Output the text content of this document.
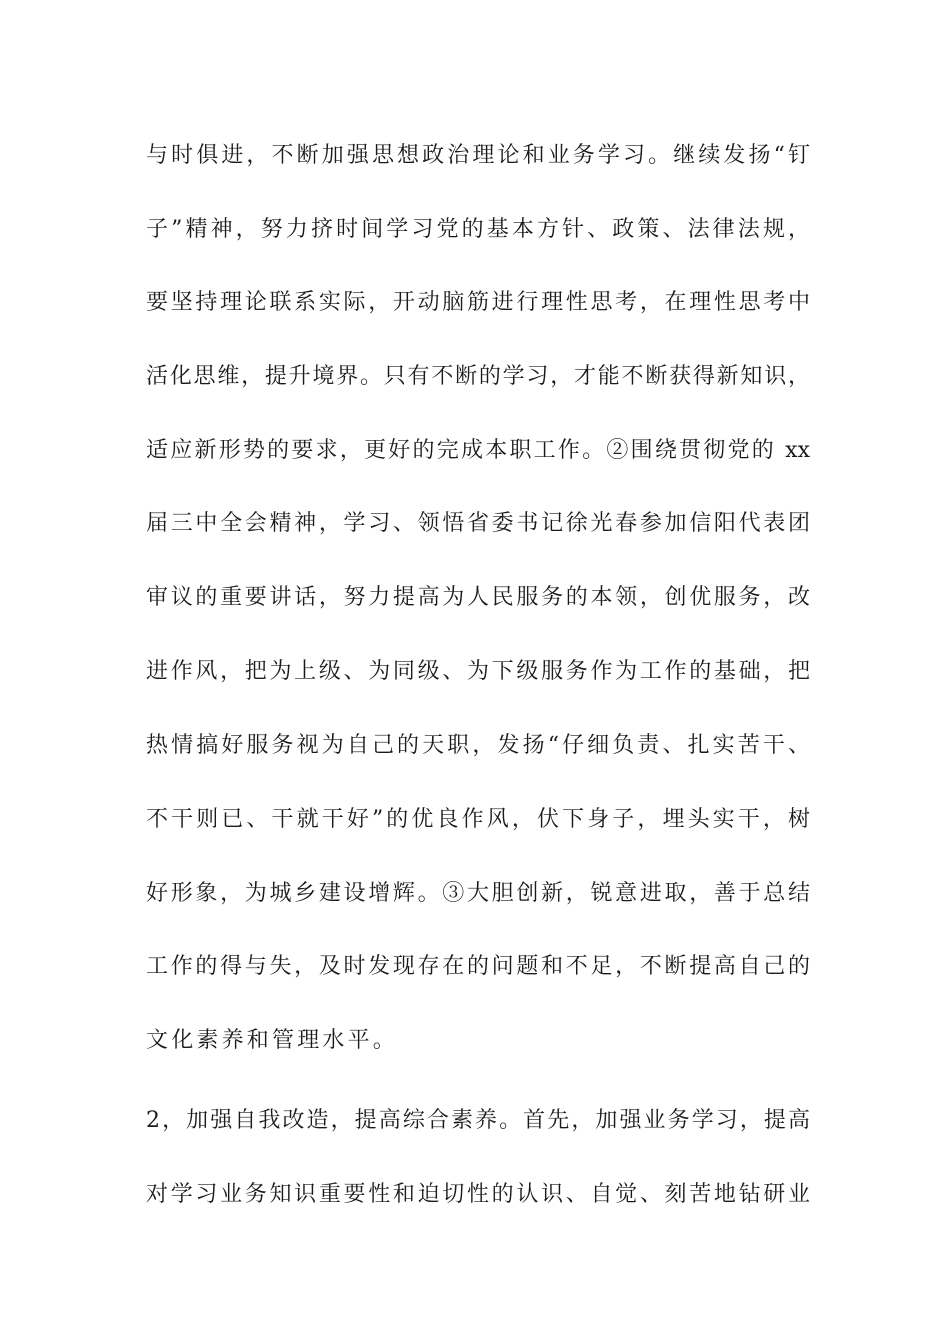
与时俱进，不断加强思想政治理论和业务学习。继续发扬“钉
子”精神，努力挤时间学习党的基本方针、政策、法律法规，
要坚持理论联系实际，开动脑筋进行理性思考，在理性思考中
活化思维，提升境界。只有不断的学习，才能不断获得新知识，
适应新形势的要求，更好的完成本职工作。②围绕贯彻党的 xx
届三中全会精神，学习、领悟省委书记徐光春参加信阳代表团
审议的重要讲话，努力提高为人民服务的本领，创优服务，改
进作风，把为上级、为同级、为下级服务作为工作的基础，把
热情搞好服务视为自己的天职，发扬“仔细负责、扎实苦干、
不干则已、干就干好”的优良作风，伏下身子，埋头实干，树
好形象，为城乡建设增辉。③大胆创新，锐意进取，善于总结
工作的得与失，及时发现存在的问题和不足，不断提高自己的
文化素养和管理水平。
2，加强自我改造，提高综合素养。首先，加强业务学习，提高
对学习业务知识重要性和迫切性的认识、自觉、刻苦地钻研业
